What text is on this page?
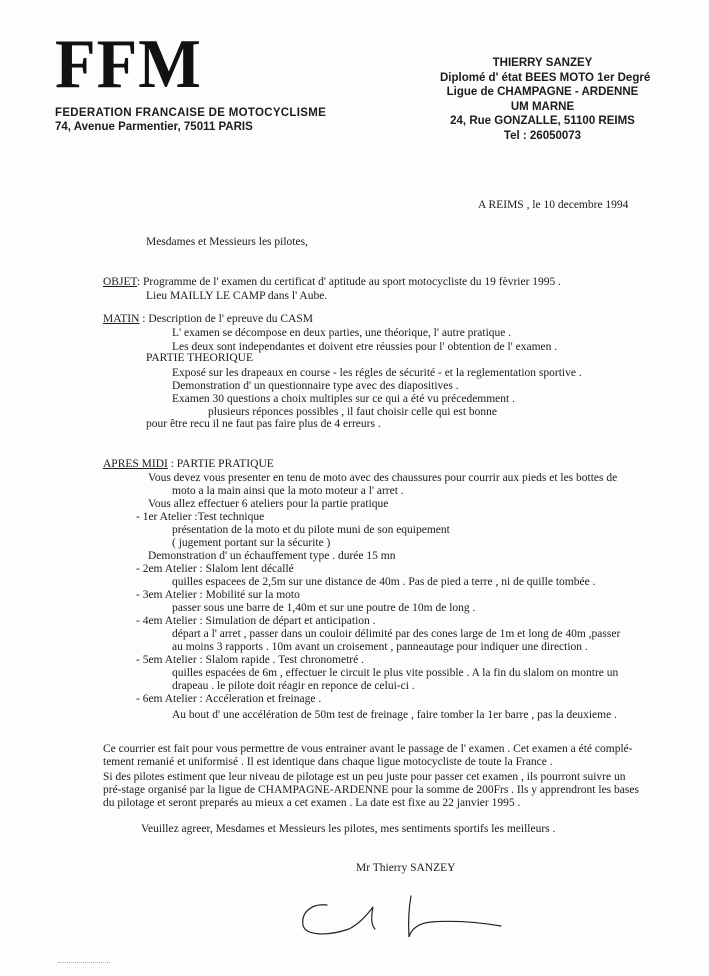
FFM
FEDERATION FRANCAISE DE MOTOCYCLISME
74, Avenue Parmentier, 75011 PARIS
THIERRY SANZEY
Diplomé d' état BEES MOTO 1er Degré
Ligue de CHAMPAGNE - ARDENNE
UM MARNE
24, Rue GONZALLE, 51100 REIMS
Tel : 26050073
A REIMS , le 10 decembre 1994
Mesdames et Messieurs les pilotes,
OBJET: Programme de l' examen du certificat d' aptitude au sport motocycliste du 19 fèvrier 1995 .
Lieu MAILLY LE CAMP dans l' Aube.
MATIN : Description de l' epreuve du CASM
L' examen se décompose en deux parties, une théorique, l' autre pratique .
Les deux sont independantes et doivent etre réussies pour l' obtention de l' examen .
PARTIE THEORIQUE
Exposé sur les drapeaux en course - les régles de sécurité - et la reglementation sportive .
Demonstration d' un questionnaire type avec des diapositives .
Examen 30 questions a choix multiples sur ce qui a été vu précedemment .
plusieurs réponces possibles , il faut choisir celle qui est bonne
pour être recu il ne faut pas faire plus de 4 erreurs .
APRES MIDI : PARTIE PRATIQUE
Vous devez vous presenter en tenu de moto avec des chaussures pour courrir aux pieds et les bottes de
moto a la main ainsi que la moto moteur a l' arret .
Vous allez effectuer 6 ateliers pour la partie pratique
- 1er Atelier :Test technique
présentation de la moto et du pilote muni de son equipement
( jugement portant sur la sécurite )
Demonstration d' un échauffement type . durée 15 mn
- 2em Atelier : Slalom lent décallé
quilles espacees de 2,5m sur une distance de 40m . Pas de pied a terre , ni de quille tombée .
- 3em Atelier : Mobilité sur la moto
passer sous une barre de 1,40m et sur une poutre de 10m de long .
- 4em Atelier : Simulation de départ et anticipation .
départ a l' arret , passer dans un couloir délimité par des cones large de 1m et long de 40m ,passer
au moins 3 rapports . 10m avant un croisement , panneautage pour indiquer une direction .
- 5em Atelier : Slalom rapide . Test chronometré .
quilles espacées de 6m , effectuer le circuit le plus vite possible . A la fin du slalom on montre un
drapeau . le pilote doit réagir en reponce de celui-ci .
- 6em Atelier : Accéleration et freinage .
Au bout d' une accélération de 50m test de freinage , faire tomber la 1er barre , pas la deuxieme .
Ce courrier est fait pour vous permettre de vous entrainer avant le passage de l' examen . Cet examen a été complé-
tement remanié et uniformisé . Il est identique dans chaque ligue motocycliste de toute la France .
Si des pilotes estiment que leur niveau de pilotage est un peu juste pour passer cet examen , ils pourront suivre un
pré-stage organisé par la ligue de CHAMPAGNE-ARDENNE pour la somme de 200Frs . Ils y apprendront les bases
du pilotage et seront preparés au mieux a cet examen . La date est fixe au 22 janvier 1995 .
Veuillez agreer, Mesdames et Messieurs les pilotes, mes sentiments sportifs les meilleurs .
Mr Thierry SANZEY
